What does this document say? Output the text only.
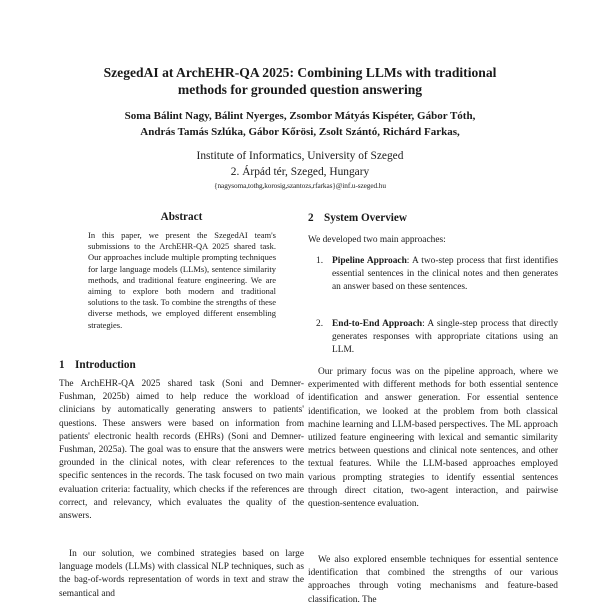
SzegedAI at ArchEHR-QA 2025: Combining LLMs with traditional
methods for grounded question answering
Soma Bálint Nagy, Bálint Nyerges, Zsombor Mátyás Kispéter, Gábor Tóth,
András Tamás Szlúka, Gábor Kőrösi, Zsolt Szántó, Richárd Farkas,
Institute of Informatics, University of Szeged
2. Árpád tér, Szeged, Hungary
{nagysoma,tothg,korosig,szantozs,rfarkas}@inf.u-szeged.hu
Abstract
In this paper, we present the SzegedAI team's submissions to the ArchEHR-QA 2025 shared task. Our approaches include multiple prompting techniques for large language models (LLMs), sentence similarity methods, and traditional feature engineering. We are aiming to explore both modern and traditional solutions to the task. To combine the strengths of these diverse methods, we employed different ensembling strategies.
1 Introduction
The ArchEHR-QA 2025 shared task (Soni and Demner-Fushman, 2025b) aimed to help reduce the workload of clinicians by automatically generating answers to patients' questions. These answers were based on information from patients' electronic health records (EHRs) (Soni and Demner-Fushman, 2025a). The goal was to ensure that the answers were grounded in the clinical notes, with clear references to the specific sentences in the records. The task focused on two main evaluation criteria: factuality, which checks if the references are correct, and relevancy, which evaluates the quality of the answers.
In our solution, we combined strategies based on large language models (LLMs) with classical NLP techniques, such as the bag-of-words representation of words in text and straw the semantical and
2 System Overview
We developed two main approaches:
1. Pipeline Approach: A two-step process that first identifies essential sentences in the clinical notes and then generates an answer based on these sentences.
2. End-to-End Approach: A single-step process that directly generates responses with appropriate citations using an LLM.
Our primary focus was on the pipeline approach, where we experimented with different methods for both essential sentence identification and answer generation. For essential sentence identification, we looked at the problem from both classical machine learning and LLM-based perspectives. The ML approach utilized feature engineering with lexical and semantic similarity metrics between questions and clinical note sentences, and other textual features. While the LLM-based approaches employed various prompting strategies to identify essential sentences through direct citation, two-agent interaction, and pairwise question-sentence evaluation.
We also explored ensemble techniques for essential sentence identification that combined the strengths of our various approaches through voting mechanisms and feature-based classification. The
